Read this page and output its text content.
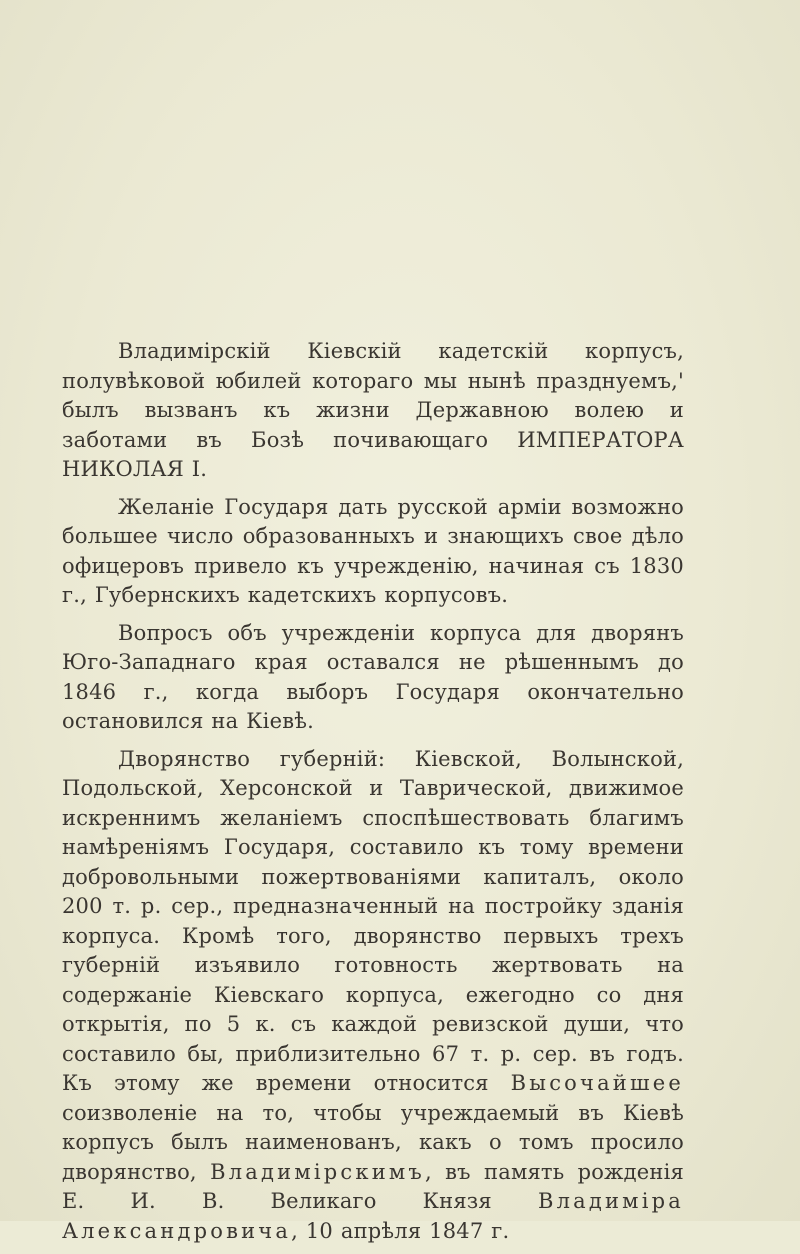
Владимірскій Кіевскій кадетскій корпусъ, полувѣковой юбилей котораго мы нынѣ празднуемъ,' былъ вызванъ къ жизни Державною волею и заботами въ Бозѣ почивающаго ИМПЕРАТОРА НИКОЛАЯ I.

Желаніе Государя дать русской арміи возможно большее число образованныхъ и знающихъ свое дѣло офицеровъ привело къ учрежденію, начиная съ 1830 г., Губернскихъ кадетскихъ корпусовъ.

Вопросъ объ учрежденіи корпуса для дворянъ Юго-Западнаго края оставался не рѣшеннымъ до 1846 г., когда выборъ Государя окончательно остановился на Кіевѣ.

Дворянство губерній: Кіевской, Волынской, Подольской, Херсонской и Таврической, движимое искреннимъ желаніемъ споспѣшествовать благимъ намѣреніямъ Государя, составило къ тому времени добровольными пожертвованіями капиталъ, около 200 т. р. сер., предназначенный на постройку зданія корпуса. Кромѣ того, дворянство первыхъ трехъ губерній изъявило готовность жертвовать на содержаніе Кіевскаго корпуса, ежегодно со дня открытія, по 5 к. съ каждой ревизской души, что составило бы, приблизительно 67 т. р. сер. въ годъ. Къ этому же времени относится Высочайшее соизволеніе на то, чтобы учреждаемый въ Кіевѣ корпусъ былъ наименованъ, какъ о томъ просило дворянство, Владимірскимъ, въ память рожденія Е. И. В. Великаго Князя Владиміра Александровича, 10 апрѣля 1847 г.
